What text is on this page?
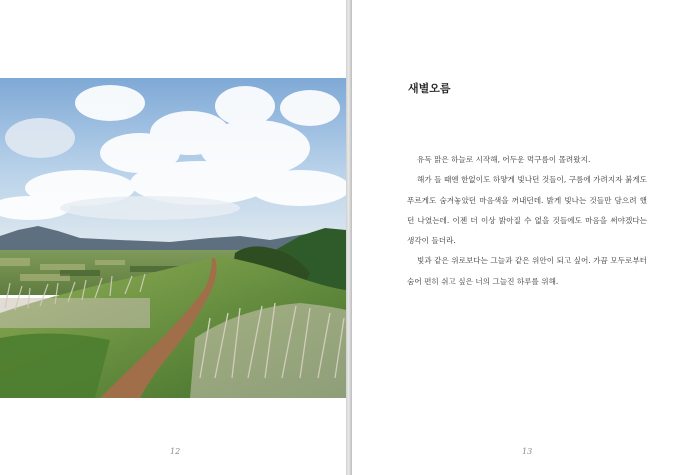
12
새별오름

유독 맑은 하늘로 시작해, 어두운 먹구름이 몰려왔지.

해가 들 때엔 한없이도 하얗게 빛나던 것들이, 구름에 가려지자 붉게도 푸르게도 숨겨놓았던 마음색을 꺼내던데. 밝게 빛나는 것들만 담으려 했던 나였는데. 이젠 더 이상 밝아질 수 없을 것들에도 마음을 써야겠다는 생각이 들더라.

빛과 같은 위로보다는 그늘과 같은 위안이 되고 싶어. 가끔 모두로부터 숨어 편히 쉬고 싶은 너의 그늘진 하루를 위해.

13
